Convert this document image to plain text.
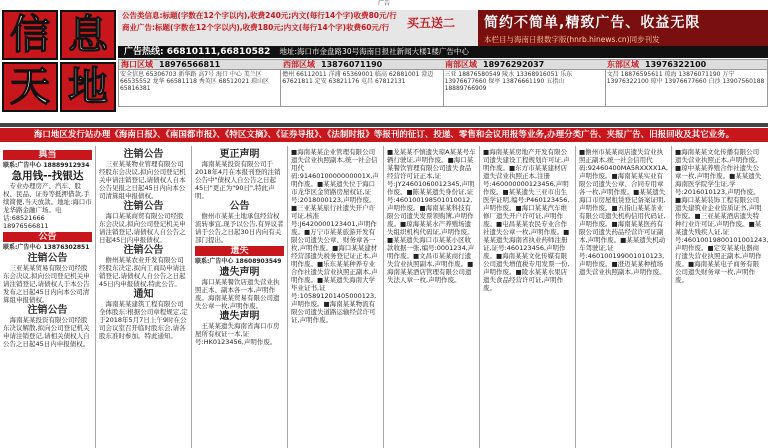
广告
信 息
天 地
公告类信息:标题(字数在12个字以内),收费240元;内文(每行14个字)收费80元/行
商业广告:标题(字数在12个字以内),收费180元;内文(每行14个字)收费60元/行	买五送二	简约不简单,精致广告、收益无限
本栏目与海南日报数字版(hnrb.hinews.cn)同步刊发
广告热线: 66810111,66810582 地址:海口市金盘路30号海南日报社新闻大楼1楼广告中心
海口区域 18976566811	西部区域 13876071190	南部区域 18976292037	东部区域 13976322100
安全信息 65306703 新华路 高7号 海口 中心 美兰区 66535552 龙华 66581118 秀英区 68512021 琼山区 65816381
儋州 66112011 洋浦 65369001 临高 62881001 澄迈 67621811 定安 63821176 屯昌 67812131
三亚 18876580549 陵水 13368916051 乐东 13976677660 保亭 13876661190 五指山 18889766909
文昌 18876595611 琼海 13876071190 万宁 13976322100 琼中 13976677660 白沙 13907560188
海口地区发行站办理《海南日报》、《南国都市报》、《特区文摘》、《证券导报》、《法制时报》等报刊的征订、投递、零售和会议用报等业务,办理分类广告、夹报广告、旧报回收及其它业务。
典当
联系:广告中心 18889912934
急用钱--找银达

专业办理房产、汽车、股权、民品、证券等抵押借款,手续简便,当天放款。地址:海口市龙华路金融广场。电话:68521666 18976566811

公告
联系:广告中心 13876302851
注销公告

三亚某某贸易有限公司经股东会决议,拟向公司登记机关申请注销登记,请债权人于本公告发布之日起45日内向本公司清算组申报债权。

注销公告

海南某某投资有限公司经股东决议解散,拟向公司登记机关申请注销登记,请相关债权人自公告之日起45日内申报债权。

注销公告

三亚某某物业管理有限公司经股东会决议,拟向公司登记机关申请注销登记,请债权人自本公告见报之日起45日内向本公司清算组申报债权。

注销公告

海口某某商贸有限公司经股东会决议,拟向公司登记机关申请注销登记,请债权人自公告之日起45日内申报债权。

注销公告

儋州某某农业开发有限公司经股东决定,拟向工商局申请注销登记,请债权人自公告之日起45日内申报债权,特此公告。

通知

海南某某建筑工程有限公司全体股东:根据公司章程规定,定于2018年5月7日上午9时在公司会议室召开临时股东会,请各股东准时参加。特此通知。

更正声明

海南某某投资有限公司于2018年4月在本报刊登的注销公告中"债权人自公告之日起45日"更正为"90日",特此声明。

公告

儋州市某某土地承包经营权流转事宜,现予以公告,有异议者请于公告之日起30日内向有关部门提出。

遗失
联系:广告中心 18608903549
遗失声明

海口某某餐饮店遗失营业执照正本、副本各一本,声明作废。海南某某贸易有限公司遗失公章一枚,声明作废。

遗失声明

王某某遗失海南省海口市房屋所有权证一本,证号:HK0123456,声明作废。

■海南某某企业管理有限公司遗失营业执照副本,统一社会信用代码:9146010000000001X,声明作废。■某某遗失位于海口市龙华区金贸路房屋权证,证号:2018000123,声明作废。■三亚某某旅行社遗失开户许可证,核准号:J6420000123401,声明作废。■万宁市某某旅游开发有限公司遗失公章、财务章各一枚,声明作废。■海口某某建材经营部遗失税务登记证正本,声明作废。■乐东某某种养专业合作社遗失营业执照正副本,声明作废。■某某遗失海南大学毕业证书,证号:105891201405000123,声明作废。■海南某某物流有限公司遗失道路运输经营许可证,声明作废。
■龙某某不慎遗失琼A某某号车辆行驶证,声明作废。■海口某某餐饮管理有限公司遗失食品经营许可证正本,证号:JY24601060012345,声明作废。■陈某某遗失身份证,证号:460100198501010012,声明作废。■海南某某科技有限公司遗失发票领购簿,声明作废。■琼海某某水产养殖场遗失组织机构代码证,声明作废。■某某遗失海口市某某小区收款收据一张,编号:0001234,声明作废。■文昌市某某商行遗失营业执照副本,声明作废。■海南某某酒店管理有限公司遗失法人章一枚,声明作废。
■海南某某房地产开发有限公司遗失建设工程规划许可证,声明作废。■东方市某某建材店遗失营业执照正本,注册号:460000000123456,声明作废。■某某遗失三亚市出生医学证明,编号:P460123456,声明作废。■海口某某汽车维修厂遗失开户许可证,声明作废。■屯昌某某农民专业合作社遗失公章一枚,声明作废。■某某遗失海南省执业药师注册证,证号:460123456,声明作废。■海南某某文化传媒有限公司遗失增值税专用发票一份,声明作废。■陵水某某水果店遗失食品经营许可证,声明作废。
■儋州市某某商店遗失营业执照正副本,统一社会信用代码:92460400MA5RXXXX1A,声明作废。■海南某某实业有限公司遗失公章、合同专用章各一枚,声明作废。■某某遗失海口市房屋租赁登记备案证明,声明作废。■五指山某某茶业有限公司遗失机构信用代码证,声明作废。■海南某某医药有限公司遗失药品经营许可证副本,声明作废。■某某遗失机动车驾驶证,证号:460100199001010123,声明作废。■澄迈某某种植场遗失营业执照副本,声明作废。
■海南某某文化传播有限公司遗失营业执照正本,声明作废。■琼中某某养殖合作社遗失公章一枚,声明作废。■某某遗失海南医学院学生证,学号:2016010123,声明作废。■海口某某装饰工程有限公司遗失建筑业企业资质证书,声明作废。■三亚某某酒店遗失特种行业许可证,声明作废。■某某遗失残疾人证,证号:46010019800101001243,声明作废。■定安某某电器商行遗失营业执照正副本,声明作废。■海南某某电子商务有限公司遗失财务章一枚,声明作废。
